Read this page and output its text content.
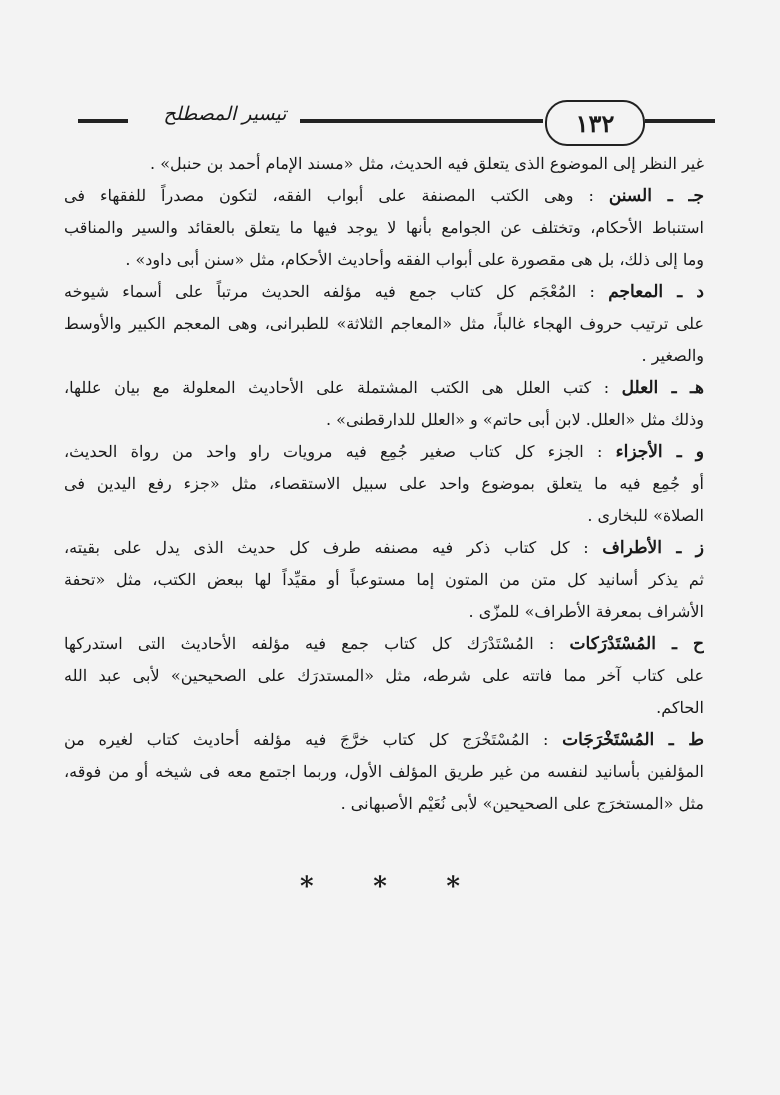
١٣٢
تيسير المصطلح
غير النظر إلى الموضوع الذى يتعلق فيه الحديث، مثل «مسند الإمام أحمد بن حنبل» .
جـ ـ السنن : وهى الكتب المصنفة على أبواب الفقه، لتكون مصدراً للفقهاء فى
استنباط الأحكام، وتختلف عن الجوامع بأنها لا يوجد فيها ما يتعلق بالعقائد والسير والمناقب
وما إلى ذلك، بل هى مقصورة على أبواب الفقه وأحاديث الأحكام، مثل «سنن أبى داود» .
د ـ المعاجم : المُعْجَم كل كتاب جمع فيه مؤلفه الحديث مرتباً على أسماء شيوخه
على ترتيب حروف الهجاء غالباً، مثل «المعاجم الثلاثة» للطبرانى، وهى المعجم الكبير والأوسط
والصغير .
هـ ـ العلل : كتب العلل هى الكتب المشتملة على الأحاديث المعلولة مع بيان عللها،
وذلك مثل «العلل. لابن أبى حاتم» و «العلل للدارقطنى» .
و ـ الأجزاء : الجزء كل كتاب صغير جُمِع فيه مرويات راو واحد من رواة الحديث،
أو جُمِع فيه ما يتعلق بموضوع واحد على سبيل الاستقصاء، مثل «جزء رفع اليدين فى
الصلاة» للبخارى .
ز ـ الأطراف : كل كتاب ذكر فيه مصنفه طرف كل حديث الذى يدل على بقيته،
ثم يذكر أسانيد كل متن من المتون إما مستوعباً أو مقيِّداً لها ببعض الكتب، مثل «تحفة
الأشراف بمعرفة الأطراف» للمزّى .
ح ـ المُسْتَدْرَكات : المُسْتَدْرَك كل كتاب جمع فيه مؤلفه الأحاديث التى استدركها
على كتاب آخر مما فاتته على شرطه، مثل «المستدرَك على الصحيحين» لأبى عبد الله
الحاكم.
ط ـ المُسْتَخْرَجَات : المُسْتَخْرَج كل كتاب خرَّجَ فيه مؤلفه أحاديث كتاب لغيره من
المؤلفين بأسانيد لنفسه من غير طريق المؤلف الأول، وربما اجتمع معه فى شيخه أو من فوقه،
مثل «المستخرَج على الصحيحين» لأبى نُعَيْم الأصبهانى .
* * *
